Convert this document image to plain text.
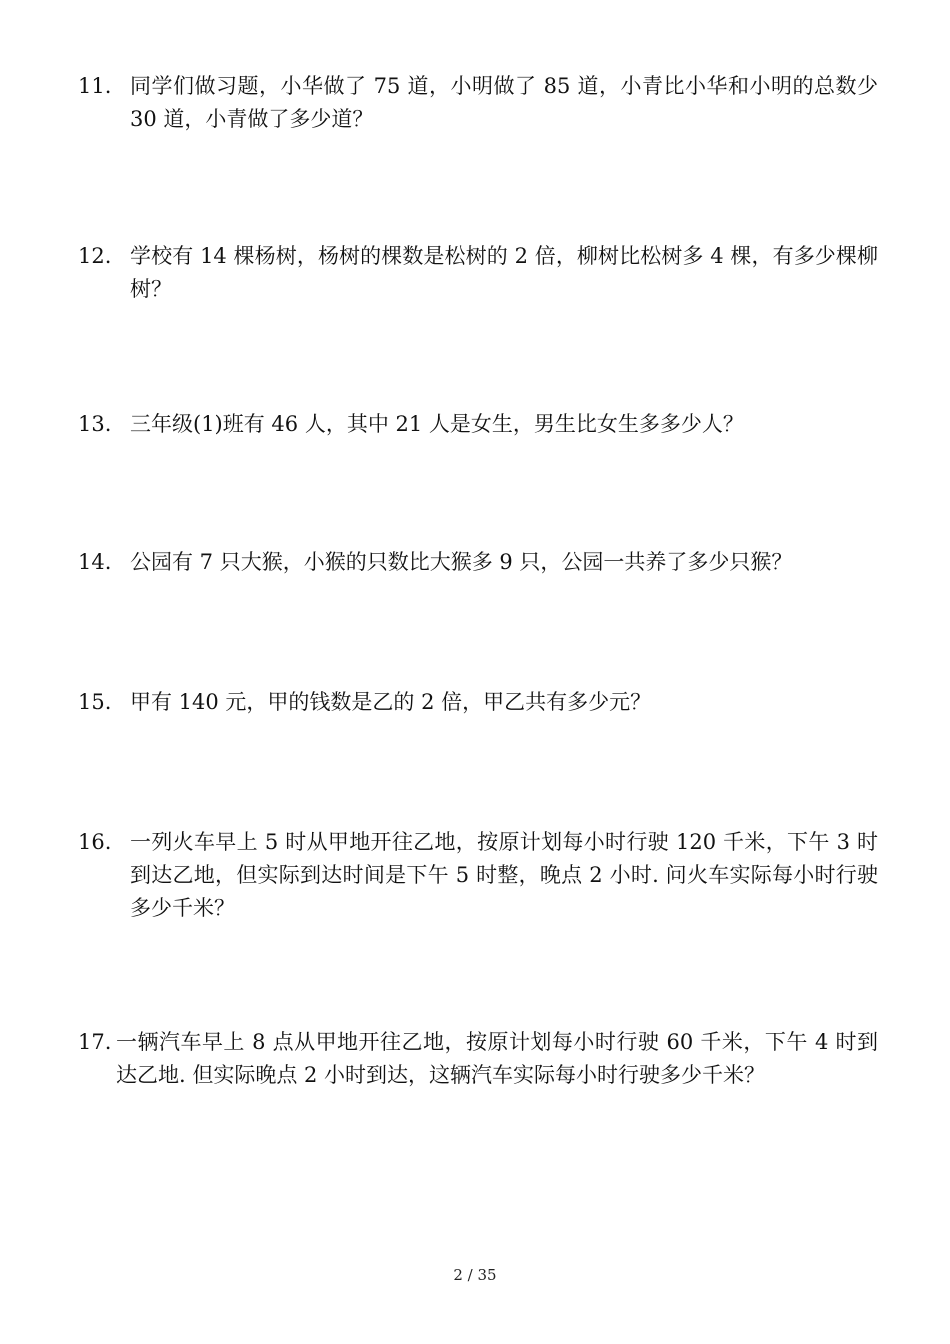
11. 同学们做习题，小华做了 75 道，小明做了 85 道，小青比小华和小明的总数少 30 道，小青做了多少道？
12. 学校有 14 棵杨树，杨树的棵数是松树的 2 倍，柳树比松树多 4 棵，有多少棵柳树？
13. 三年级(1)班有 46 人，其中 21 人是女生，男生比女生多多少人？
14. 公园有 7 只大猴，小猴的只数比大猴多 9 只，公园一共养了多少只猴？
15. 甲有 140 元，甲的钱数是乙的 2 倍，甲乙共有多少元？
16. 一列火车早上 5 时从甲地开往乙地，按原计划每小时行驶 120 千米，下午 3 时到达乙地，但实际到达时间是下午 5 时整，晚点 2 小时. 问火车实际每小时行驶多少千米？
17. 一辆汽车早上 8 点从甲地开往乙地，按原计划每小时行驶 60 千米，下午 4 时到达乙地. 但实际晚点 2 小时到达，这辆汽车实际每小时行驶多少千米？
2 / 35
